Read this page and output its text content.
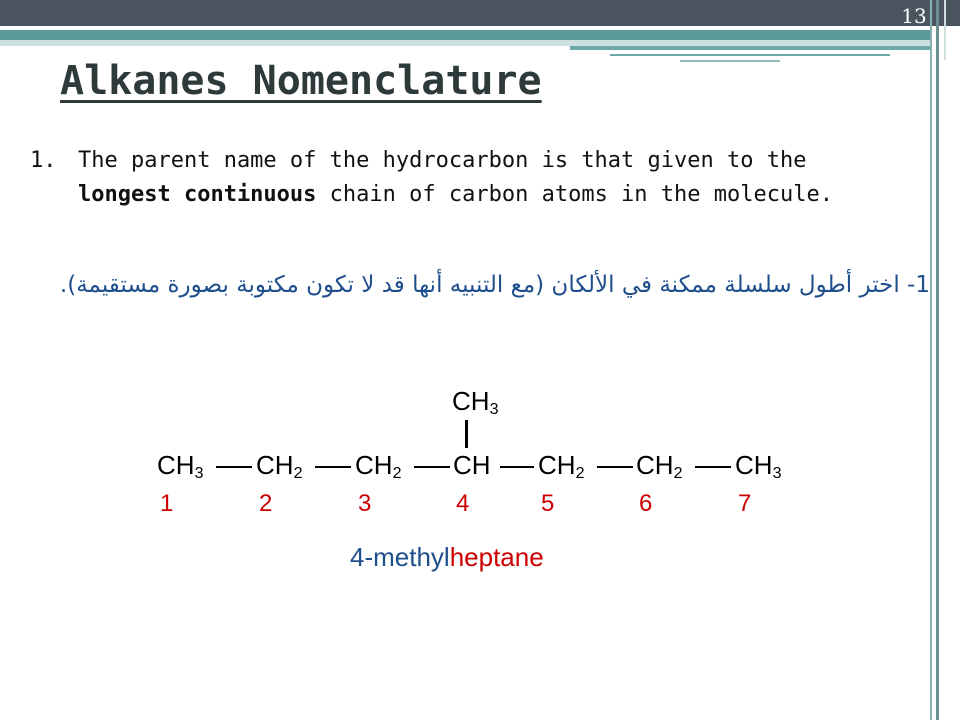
13
Alkanes Nomenclature
1. The parent name of the hydrocarbon is that given to the longest continuous chain of carbon atoms in the molecule.
1- اختر أطول سلسلة ممكنة في الألكان (مع التنبيه أنها قد لا تكون مكتوبة بصورة مستقيمة).
$CH_3$
$CH_3$ $CH_2$ $CH_2$ CH $CH_2$ $CH_2$ $CH_3$
1	2	3	4	5	6	7
4-methylheptane
